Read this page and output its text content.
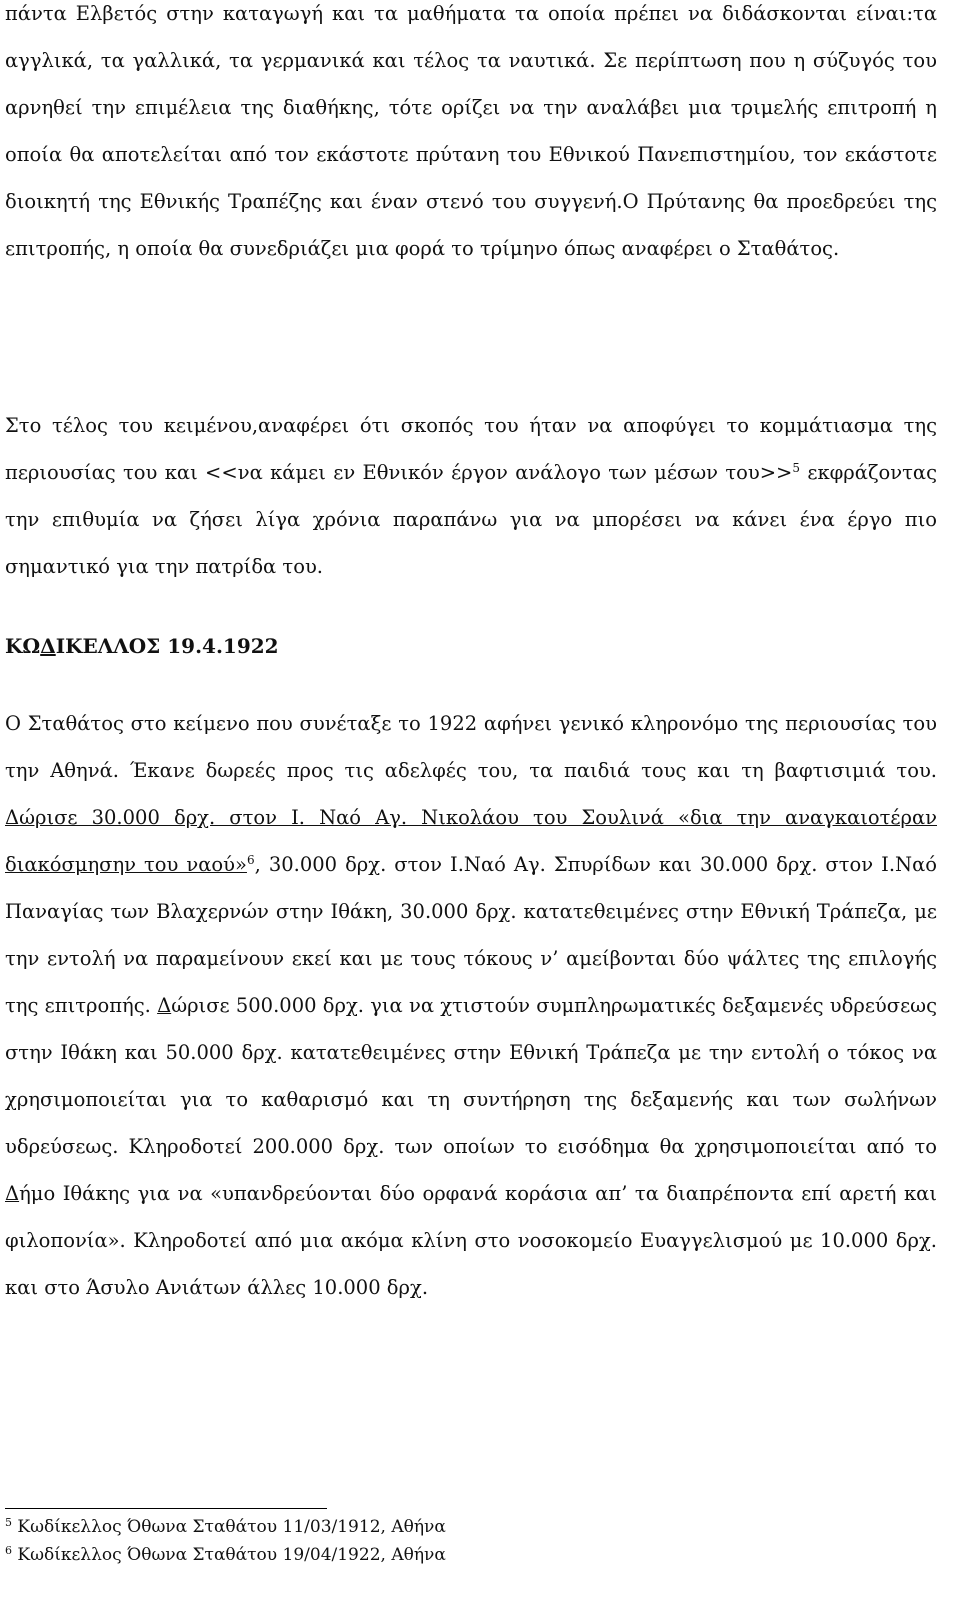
πάντα Ελβετός στην καταγωγή και τα μαθήματα τα οποία πρέπει να διδάσκονται είναι:τα αγγλικά, τα γαλλικά, τα γερμανικά και τέλος τα ναυτικά. Σε περίπτωση που η σύζυγός του αρνηθεί την επιμέλεια της διαθήκης, τότε ορίζει να την αναλάβει μια τριμελής επιτροπή η οποία θα αποτελείται από τον εκάστοτε πρύτανη του Εθνικού Πανεπιστημίου, τον εκάστοτε διοικητή της Εθνικής Τραπέζης και έναν στενό του συγγενή.Ο Πρύτανης θα προεδρεύει της επιτροπής, η οποία θα συνεδριάζει μια φορά το τρίμηνο όπως αναφέρει ο Σταθάτος.

Στο τέλος του κειμένου,αναφέρει ότι σκοπός του ήταν να αποφύγει το κομμάτιασμα της περιουσίας του και <<να κάμει εν Εθνικόν έργον ανάλογο των μέσων του>>$^5$ εκφράζοντας την επιθυμία να ζήσει λίγα χρόνια παραπάνω για να μπορέσει να κάνει ένα έργο πιο σημαντικό για την πατρίδα του.

ΚΩΔΙΚΕΛΛΟΣ 19.4.1922

Ο Σταθάτος στο κείμενο που συνέταξε το 1922 αφήνει γενικό κληρονόμο της περιουσίας του την Αθηνά. Έκανε δωρεές προς τις αδελφές του, τα παιδιά τους και τη βαφτισιμιά του. Δώρισε 30.000 δρχ. στον Ι. Ναό Αγ. Νικολάου του Σουλινά «δια την αναγκαιοτέραν διακόσμησην του ναού»$^6$, 30.000 δρχ. στον Ι.Ναό Αγ. Σπυρίδων και 30.000 δρχ. στον Ι.Ναό Παναγίας των Βλαχερνών στην Ιθάκη, 30.000 δρχ. κατατεθειμένες στην Εθνική Τράπεζα, με την εντολή να παραμείνουν εκεί και με τους τόκους ν’ αμείβονται δύο ψάλτες της επιλογής της επιτροπής. Δώρισε 500.000 δρχ. για να χτιστούν συμπληρωματικές δεξαμενές υδρεύσεως στην Ιθάκη και 50.000 δρχ. κατατεθειμένες στην Εθνική Τράπεζα με την εντολή ο τόκος να χρησιμοποιείται για το καθαρισμό και τη συντήρηση της δεξαμενής και των σωλήνων υδρεύσεως. Κληροδοτεί 200.000 δρχ. των οποίων το εισόδημα θα χρησιμοποιείται από το Δήμο Ιθάκης για να «υπανδρεύονται δύο ορφανά κοράσια απ’ τα διαπρέποντα επί αρετή και φιλοπονία». Κληροδοτεί από μια ακόμα κλίνη στο νοσοκομείο Ευαγγελισμού με 10.000 δρχ. και στο Άσυλο Ανιάτων άλλες 10.000 δρχ.

$^5$ Κωδίκελλος Όθωνα Σταθάτου 11/03/1912, Αθήνα
$^6$ Κωδίκελλος Όθωνα Σταθάτου 19/04/1922, Αθήνα
